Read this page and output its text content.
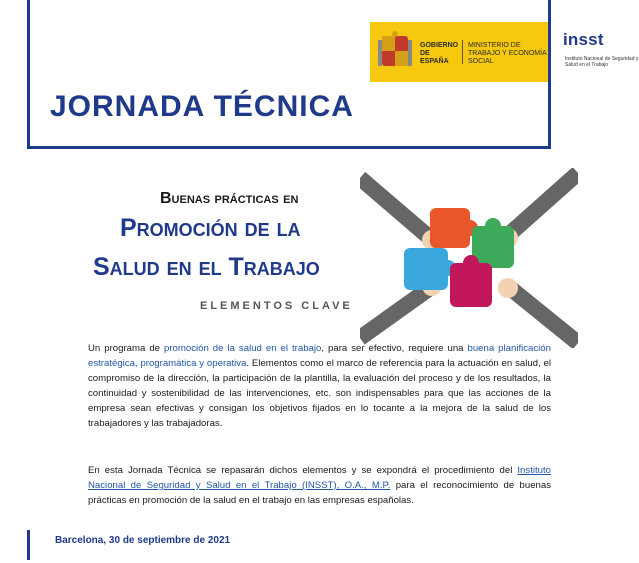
GOBIERNO DE ESPAÑA
MINISTERIO DE TRABAJO Y ECONOMÍA SOCIAL
insst
Instituto Nacional de Seguridad y Salud en el Trabajo
JORNADA TÉCNICA
Buenas prácticas en
Promoción de la
Salud en el Trabajo
ELEMENTOS CLAVE
Un programa de promoción de la salud en el trabajo, para ser efectivo, requiere una buena planificación estratégica, programática y operativa. Elementos como el marco de referencia para la actuación en salud, el compromiso de la dirección, la participación de la plantilla, la evaluación del proceso y de los resultados, la continuidad y sostenibilidad de las intervenciones, etc. son indispensables para que las acciones de la empresa sean efectivas y consigan los objetivos fijados en lo tocante a la mejora de la salud de los trabajadores y las trabajadoras.
En esta Jornada Técnica se repasarán dichos elementos y se expondrá el procedimiento del Instituto Nacional de Seguridad y Salud en el Trabajo (INSST), O.A., M.P. para el reconocimiento de buenas prácticas en promoción de la salud en el trabajo en las empresas españolas.
Barcelona, 30 de septiembre de 2021
